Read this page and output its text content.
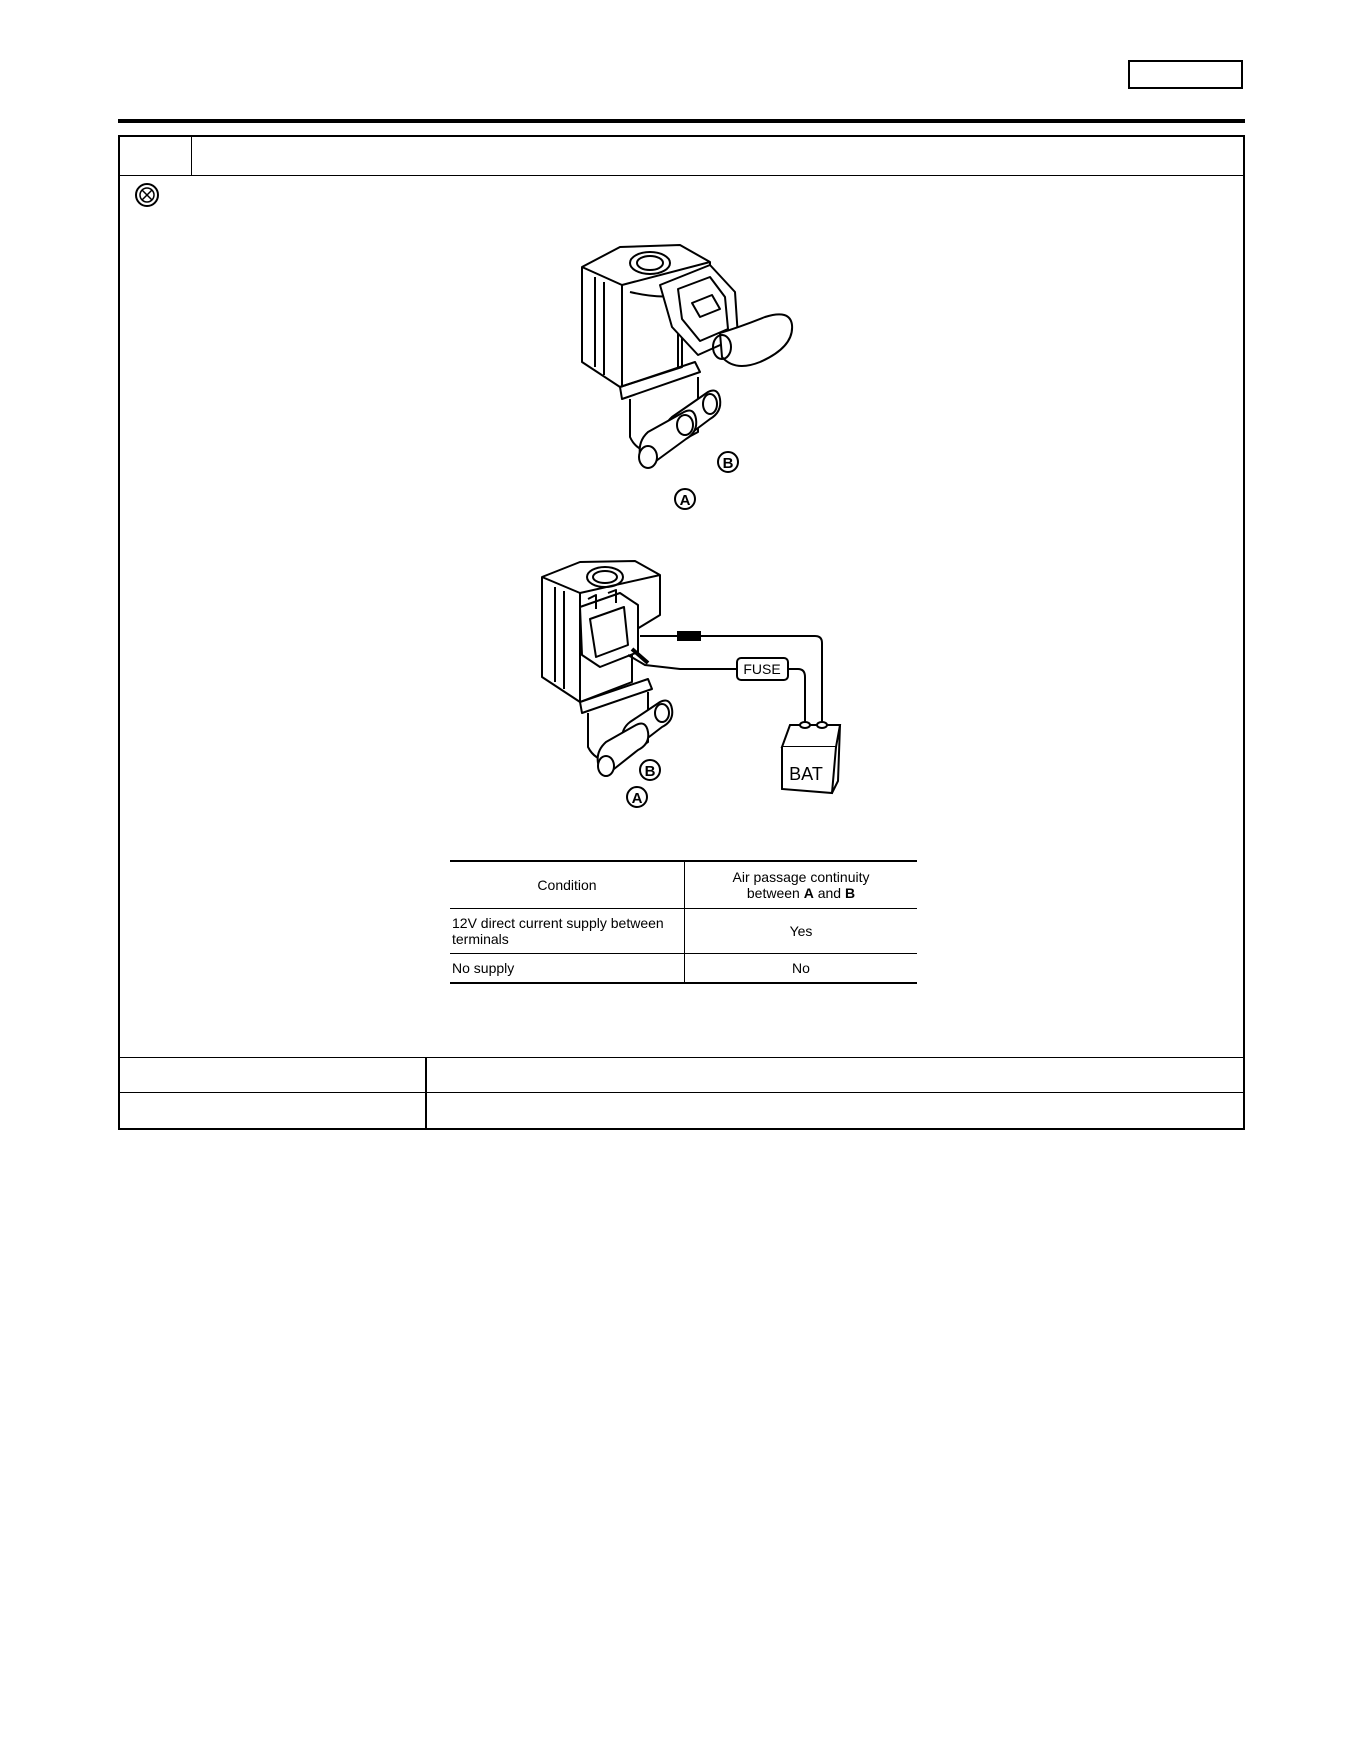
B
A
FUSE
BAT
B
A
Condition	Air passage continuity
between A and B
12V direct current supply between terminals	Yes
No supply	No
